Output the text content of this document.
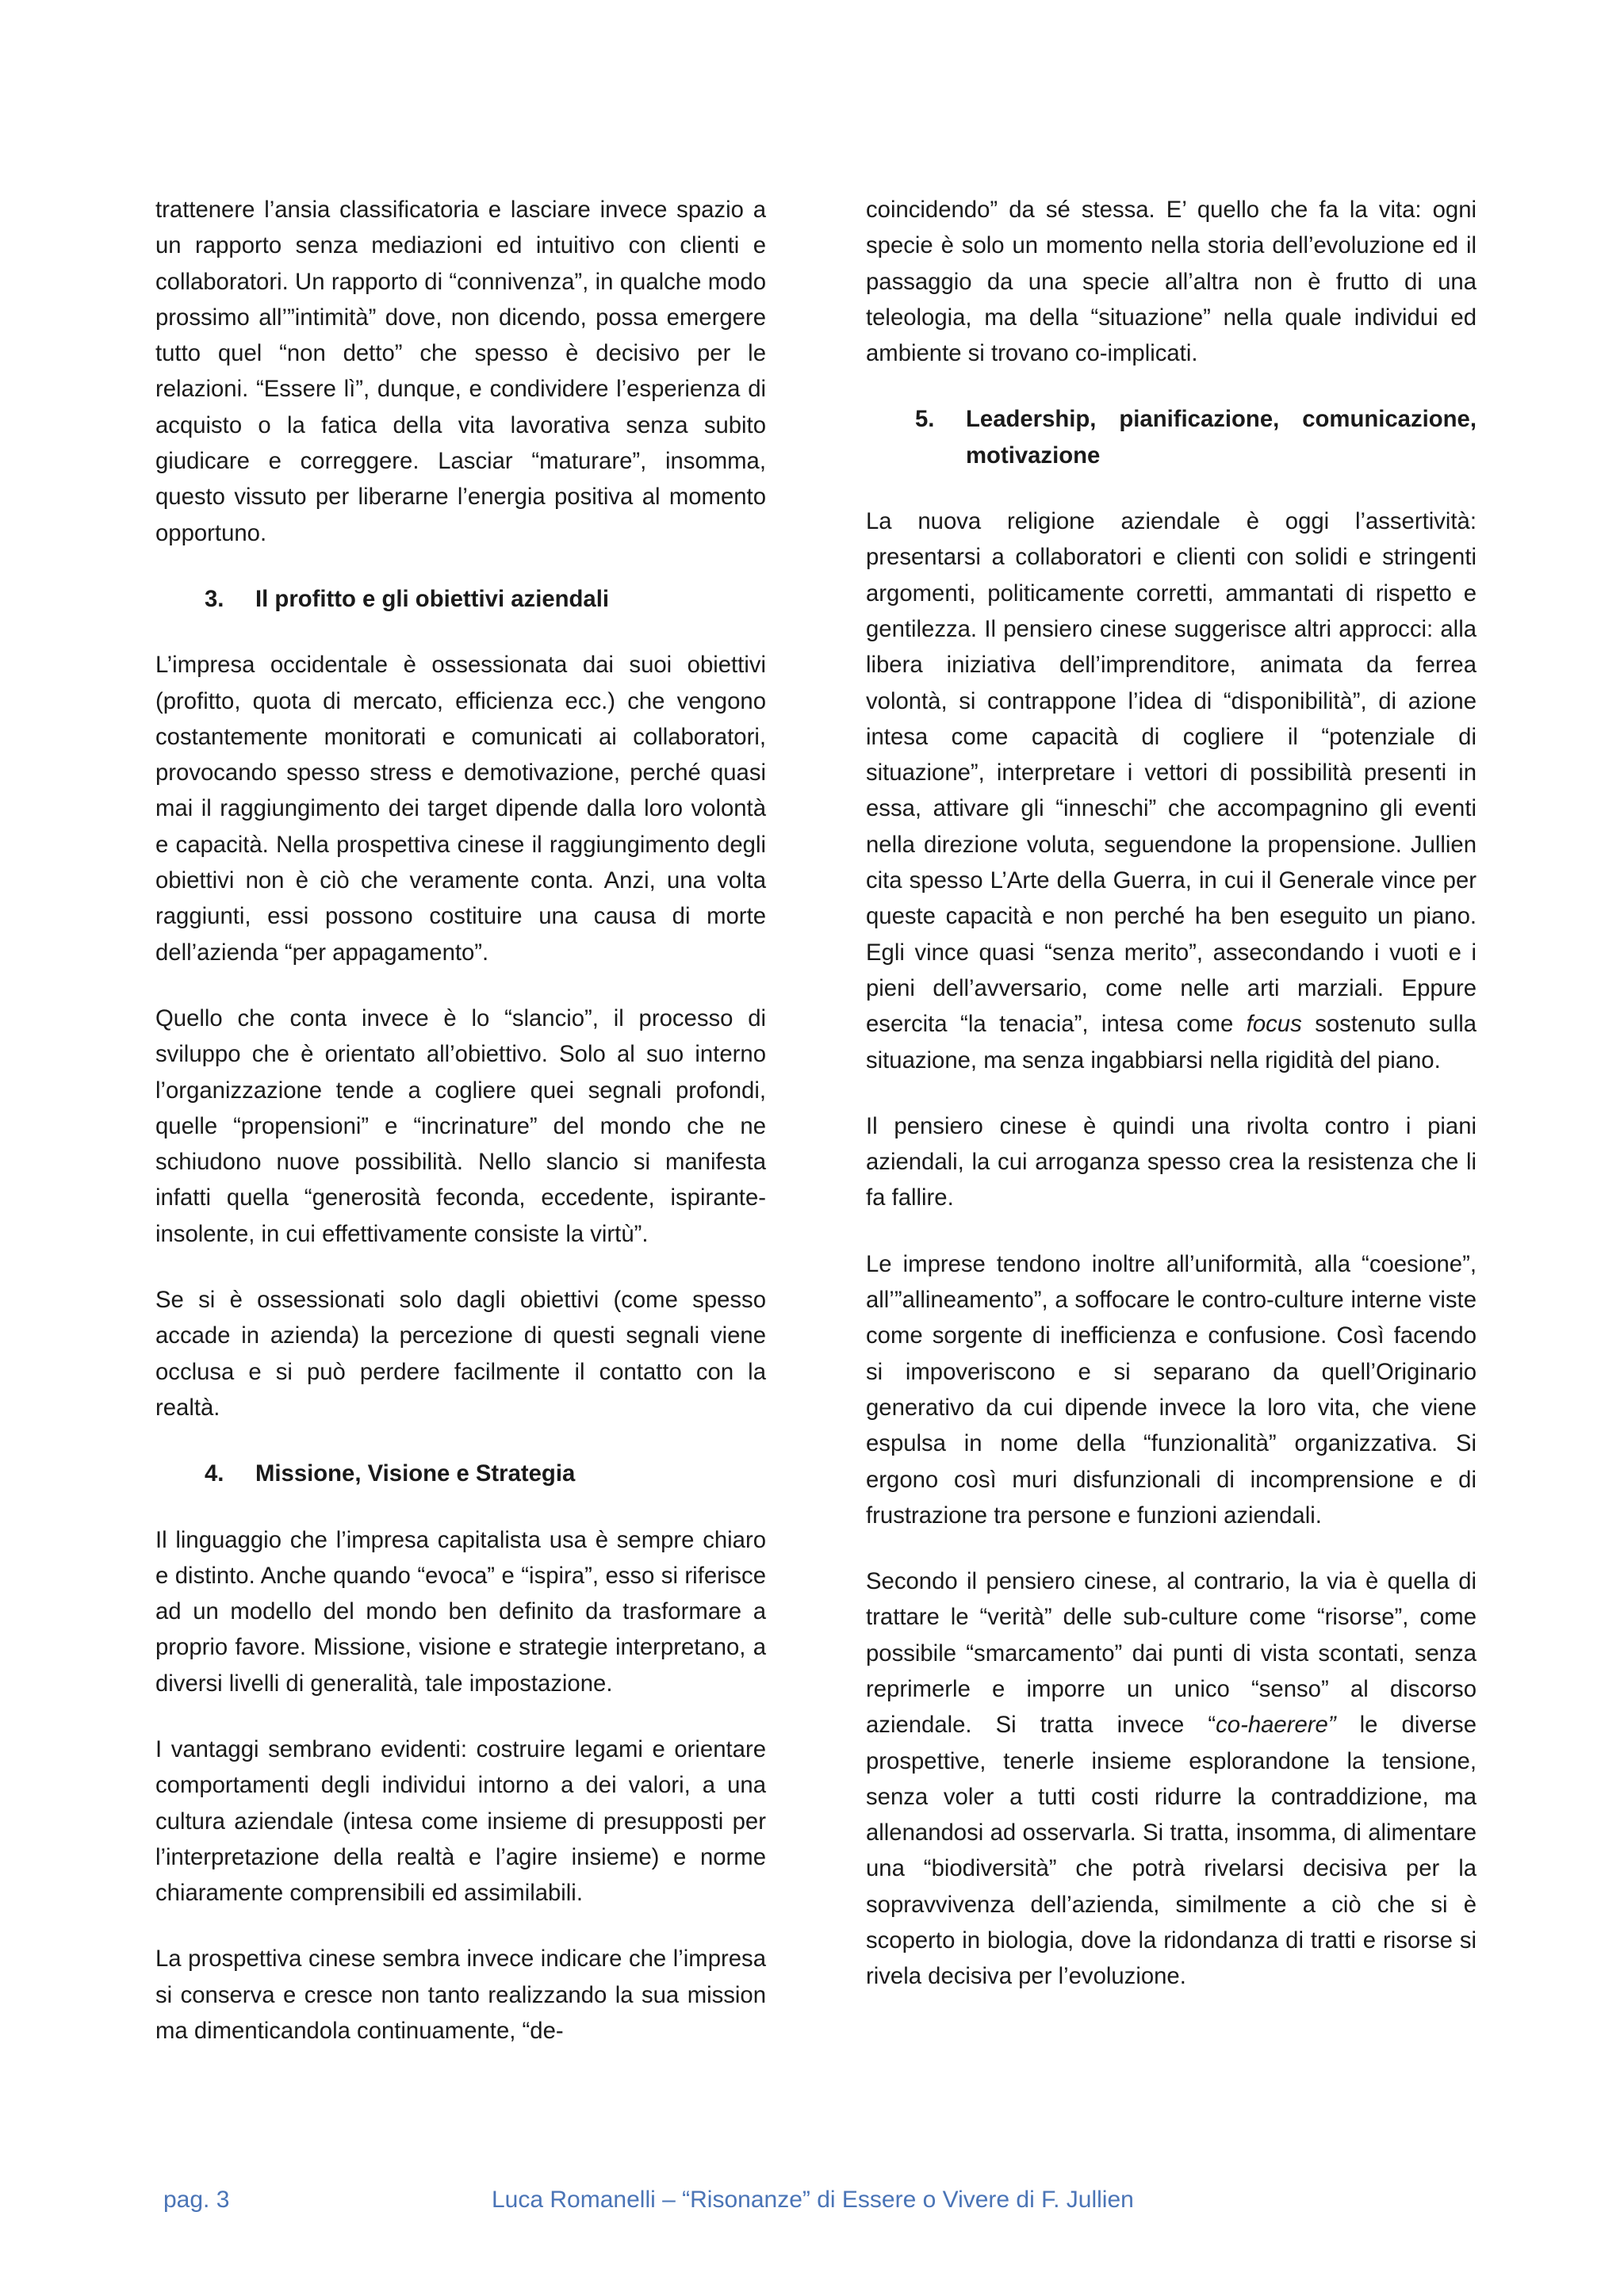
trattenere l’ansia classificatoria e lasciare invece spazio a un rapporto senza mediazioni ed intuitivo con clienti e collaboratori. Un rapporto di “connivenza”, in qualche modo prossimo all’”intimità” dove, non dicendo, possa emergere tutto quel “non detto” che spesso è decisivo per le relazioni. “Essere lì”, dunque, e condividere l’esperienza di acquisto o la fatica della vita lavorativa senza subito giudicare e correggere. Lasciar “maturare”, insomma, questo vissuto per liberarne l’energia positiva al momento opportuno.

3.	Il profitto e gli obiettivi aziendali

L’impresa occidentale è ossessionata dai suoi obiettivi (profitto, quota di mercato, efficienza ecc.) che vengono costantemente monitorati e comunicati ai collaboratori, provocando spesso stress e demotivazione, perché quasi mai il raggiungimento dei target dipende dalla loro volontà e capacità. Nella prospettiva cinese il raggiungimento degli obiettivi non è ciò che veramente conta. Anzi, una volta raggiunti, essi possono costituire una causa di morte dell’azienda “per appagamento”.

Quello che conta invece è lo “slancio”, il processo di sviluppo che è orientato all’obiettivo. Solo al suo interno l’organizzazione tende a cogliere quei segnali profondi, quelle “propensioni” e “incrinature” del mondo che ne schiudono nuove possibilità. Nello slancio si manifesta infatti quella “generosità feconda, eccedente, ispirante-insolente, in cui effettivamente consiste la virtù”.

Se si è ossessionati solo dagli obiettivi (come spesso accade in azienda) la percezione di questi segnali viene occlusa e si può perdere facilmente il contatto con la realtà.

4.	Missione, Visione e Strategia

Il linguaggio che l’impresa capitalista usa è sempre chiaro e distinto. Anche quando “evoca” e “ispira”, esso si riferisce ad un modello del mondo ben definito da trasformare a proprio favore. Missione, visione e strategie interpretano, a diversi livelli di generalità, tale impostazione.

I vantaggi sembrano evidenti: costruire legami e orientare comportamenti degli individui intorno a dei valori, a una cultura aziendale (intesa come insieme di presupposti per l’interpretazione della realtà e l’agire insieme) e norme chiaramente comprensibili ed assimilabili.

La prospettiva cinese sembra invece indicare che l’impresa si conserva e cresce non tanto realizzando la sua mission ma dimenticandola continuamente, “de-

coincidendo” da sé stessa. E’ quello che fa la vita: ogni specie è solo un momento nella storia dell’evoluzione ed il passaggio da una specie all’altra non è frutto di una teleologia, ma della “situazione” nella quale individui ed ambiente si trovano co-implicati.

5.	Leadership, pianificazione, comunicazione, motivazione

La nuova religione aziendale è oggi l’assertività: presentarsi a collaboratori e clienti con solidi e stringenti argomenti, politicamente corretti, ammantati di rispetto e gentilezza. Il pensiero cinese suggerisce altri approcci: alla libera iniziativa dell’imprenditore, animata da ferrea volontà, si contrappone l’idea di “disponibilità”, di azione intesa come capacità di cogliere il “potenziale di situazione”, interpretare i vettori di possibilità presenti in essa, attivare gli “inneschi” che accompagnino gli eventi nella direzione voluta, seguendone la propensione. Jullien cita spesso L’Arte della Guerra, in cui il Generale vince per queste capacità e non perché ha ben eseguito un piano. Egli vince quasi “senza merito”, assecondando i vuoti e i pieni dell’avversario, come nelle arti marziali. Eppure esercita “la tenacia”, intesa come focus sostenuto sulla situazione, ma senza ingabbiarsi nella rigidità del piano.

Il pensiero cinese è quindi una rivolta contro i piani aziendali, la cui arroganza spesso crea la resistenza che li fa fallire.

Le imprese tendono inoltre all’uniformità, alla “coesione”, all’”allineamento”, a soffocare le contro-culture interne viste come sorgente di inefficienza e confusione. Così facendo si impoveriscono e si separano da quell’Originario generativo da cui dipende invece la loro vita, che viene espulsa in nome della “funzionalità” organizzativa. Si ergono così muri disfunzionali di incomprensione e di frustrazione tra persone e funzioni aziendali.

Secondo il pensiero cinese, al contrario, la via è quella di trattare le “verità” delle sub-culture come “risorse”, come possibile “smarcamento” dai punti di vista scontati, senza reprimerle e imporre un unico “senso” al discorso aziendale. Si tratta invece “co-haerere” le diverse prospettive, tenerle insieme esplorandone la tensione, senza voler a tutti costi ridurre la contraddizione, ma allenandosi ad osservarla. Si tratta, insomma, di alimentare una “biodiversità” che potrà rivelarsi decisiva per la sopravvivenza dell’azienda, similmente a ciò che si è scoperto in biologia, dove la ridondanza di tratti e risorse si rivela decisiva per l’evoluzione.

pag. 3	Luca Romanelli – “Risonanze” di Essere o Vivere di F. Jullien
